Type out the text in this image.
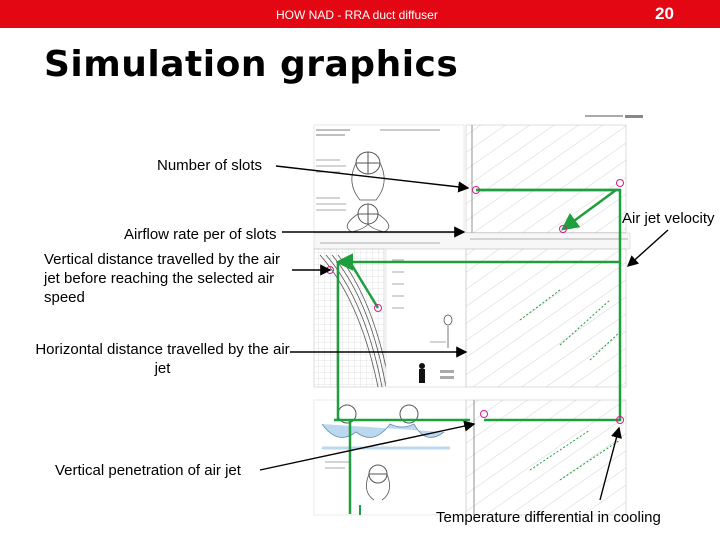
HOW NAD - RRA duct diffuser	20
Simulation graphics
Number of slots
Airflow rate per of slots
Air jet velocity
Vertical distance travelled by the air jet before reaching the selected air speed
Horizontal distance travelled by the air jet
Vertical penetration of air jet
Temperature differential in cooling
